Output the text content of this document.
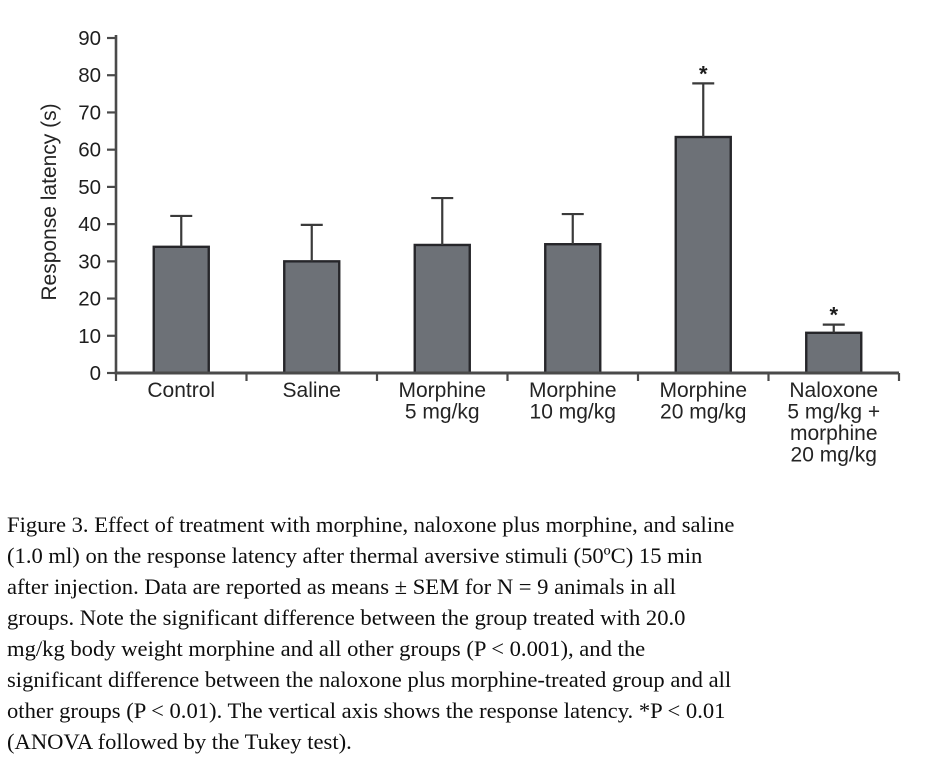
*
*
0
10
20
30
40
50
60
70
80
90
Control	Saline	Morphine
5 mg/kg
Morphine
10 mg/kg
Morphine
20 mg/kg
Naloxone
5 mg/kg +
morphine
20 mg/kg
Response latency (s)
Figure 3. Effect of treatment with morphine, naloxone plus morphine, and saline
(1.0 ml) on the response latency after thermal aversive stimuli (50ºC) 15 min
after injection. Data are reported as means ± SEM for N = 9 animals in all
groups. Note the significant difference between the group treated with 20.0
mg/kg body weight morphine and all other groups (P < 0.001), and the
significant difference between the naloxone plus morphine-treated group and all
other groups (P < 0.01). The vertical axis shows the response latency. *P < 0.01
(ANOVA followed by the Tukey test).
